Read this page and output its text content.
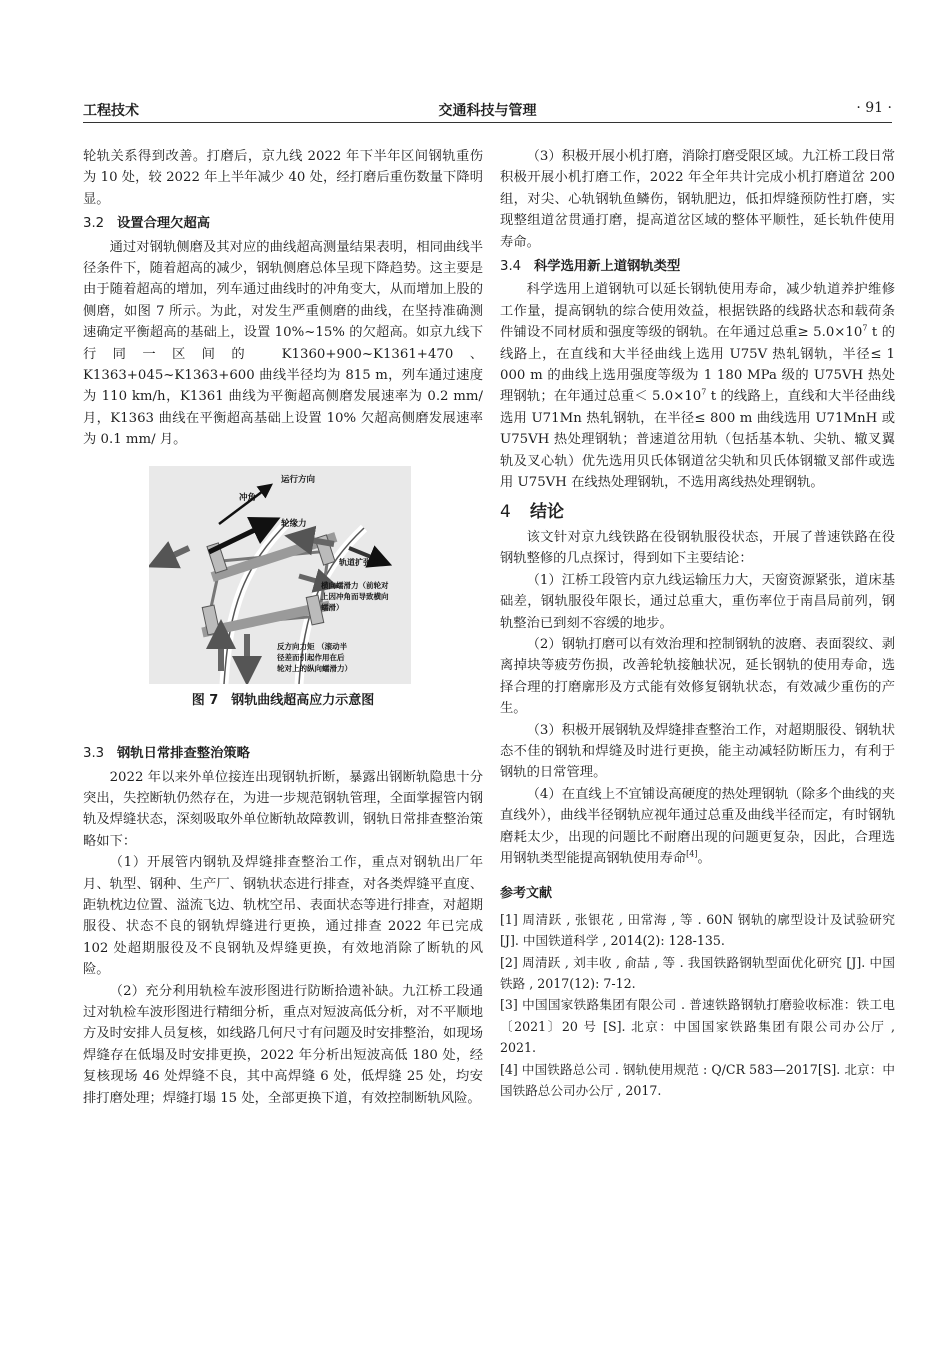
工程技术	交通科技与管理	· 91 ·

轮轨关系得到改善。打磨后，京九线 2022 年下半年区间钢轨重伤为 10 处，较 2022 年上半年减少 40 处，经打磨后重伤数量下降明显。

3.2 设置合理欠超高

通过对钢轨侧磨及其对应的曲线超高测量结果表明，相同曲线半径条件下，随着超高的减少，钢轨侧磨总体呈现下降趋势。这主要是由于随着超高的增加，列车通过曲线时的冲角变大，从而增加上股的侧磨，如图 7 所示。为此，对发生严重侧磨的曲线，在坚持准确测速确定平衡超高的基础上，设置 10%~15% 的欠超高。如京九线下行同一区间的 K1360+900~K1361+470、K1363+045~K1363+600 曲线半径均为 815 m，列车通过速度为 110 km/h，K1361 曲线为平衡超高侧磨发展速率为 0.2 mm/ 月，K1363 曲线在平衡超高基础上设置 10% 欠超高侧磨发展速率为 0.1 mm/ 月。

运行方向
冲角
轮缘力
轨道扩张力
横向蠕滑力（前轮对
上因冲角而导致横向
蠕滑）
反方向力矩 （滚动半
径差而引起作用在后
轮对上的纵向蠕滑力）
图 7　钢轨曲线超高应力示意图
3.3 钢轨日常排查整治策略

2022 年以来外单位接连出现钢轨折断，暴露出钢断轨隐患十分突出，失控断轨仍然存在，为进一步规范钢轨管理，全面掌握管内钢轨及焊缝状态，深刻吸取外单位断轨故障教训，钢轨日常排查整治策略如下：

（1）开展管内钢轨及焊缝排查整治工作，重点对钢轨出厂年月、轨型、钢种、生产厂、钢轨状态进行排查，对各类焊缝平直度、距轨枕边位置、溢流飞边、轨枕空吊、表面状态等进行排查，对超期服役、状态不良的钢轨焊缝进行更换，通过排查 2022 年已完成 102 处超期服役及不良钢轨及焊缝更换，有效地消除了断轨的风险。

（2）充分利用轨检车波形图进行防断拾遗补缺。九江桥工段通过对轨检车波形图进行精细分析，重点对短波高低分析，对不平顺地方及时安排人员复核，如线路几何尺寸有问题及时安排整治，如现场焊缝存在低塌及时安排更换，2022 年分析出短波高低 180 处，经复核现场 46 处焊缝不良，其中高焊缝 6 处，低焊缝 25 处，均安排打磨处理；焊缝打塌 15 处，全部更换下道，有效控制断轨风险。

（3）积极开展小机打磨，消除打磨受限区域。九江桥工段日常积极开展小机打磨工作，2022 年全年共计完成小机打磨道岔 200 组，对尖、心轨钢轨鱼鳞伤，钢轨肥边，低扣焊缝预防性打磨，实现整组道岔贯通打磨，提高道岔区域的整体平顺性，延长轨件使用寿命。

3.4 科学选用新上道钢轨类型

科学选用上道钢轨可以延长钢轨使用寿命，减少轨道养护维修工作量，提高钢轨的综合使用效益，根据铁路的线路状态和载荷条件铺设不同材质和强度等级的钢轨。在年通过总重≥ $5.0\times 10^7$ t 的线路上，在直线和大半径曲线上选用 U75V 热轧钢轨，半径≤ 1 000 m 的曲线上选用强度等级为 1 180 MPa 级的 U75VH 热处理钢轨；在年通过总重＜ $5.0\times 10^7$ t 的线路上，直线和大半径曲线选用 U71Mn 热轧钢轨，在半径≤ 800 m 曲线选用 U71MnH 或 U75VH 热处理钢轨；普速道岔用轨（包括基本轨、尖轨、辙叉翼轨及叉心轨）优先选用贝氏体钢道岔尖轨和贝氏体钢辙叉部件或选用 U75VH 在线热处理钢轨，不选用离线热处理钢轨。

4 结论

该文针对京九线铁路在役钢轨服役状态，开展了普速铁路在役钢轨整修的几点探讨，得到如下主要结论：

（1）江桥工段管内京九线运输压力大，天窗资源紧张，道床基础差，钢轨服役年限长，通过总重大，重伤率位于南昌局前列，钢轨整治已到刻不容缓的地步。

（2）钢轨打磨可以有效治理和控制钢轨的波磨、表面裂纹、剥离掉块等疲劳伤损，改善轮轨接触状况，延长钢轨的使用寿命，选择合理的打磨廓形及方式能有效修复钢轨状态，有效减少重伤的产生。

（3）积极开展钢轨及焊缝排查整治工作，对超期服役、钢轨状态不佳的钢轨和焊缝及时进行更换，能主动减轻防断压力，有利于钢轨的日常管理。

（4）在直线上不宜铺设高硬度的热处理钢轨（除多个曲线的夹直线外），曲线半径钢轨应视年通过总重及曲线半径而定，有时钢轨磨耗太少，出现的问题比不耐磨出现的问题更复杂，因此，合理选用钢轨类型能提高钢轨使用寿命[4]。

参考文献

[1] 周清跃 , 张银花 , 田常海 , 等 . 60N 钢轨的廓型设计及试验研究 [J]. 中国铁道科学 , 2014(2): 128-135.

[2] 周清跃 , 刘丰收 , 俞喆 , 等 . 我国铁路钢轨型面优化研究 [J]. 中国铁路 , 2017(12): 7-12.

[3] 中国国家铁路集团有限公司 . 普速铁路钢轨打磨验收标准：铁工电〔2021〕20 号 [S]. 北京：中国国家铁路集团有限公司办公厅 , 2021.

[4] 中国铁路总公司 . 钢轨使用规范 : Q/CR 583—2017[S]. 北京：中国铁路总公司办公厅 , 2017.
